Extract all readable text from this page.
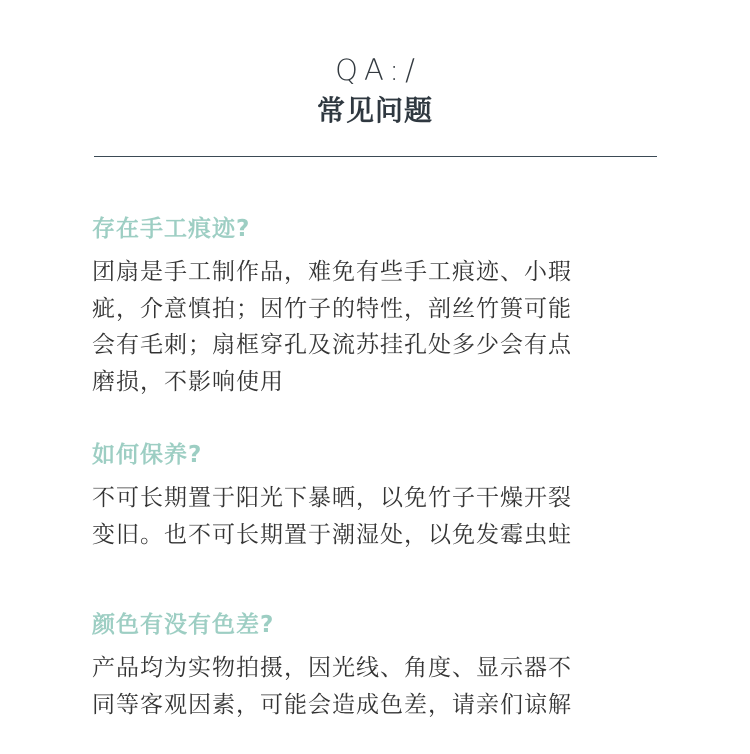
QA:/
常见问题
存在手工痕迹?
团扇是手工制作品，难免有些手工痕迹、小瑕
疵，介意慎拍；因竹子的特性，剖丝竹篑可能
会有毛刺；扇框穿孔及流苏挂孔处多少会有点
磨损，不影响使用
如何保养?
不可长期置于阳光下暴晒，以免竹子干燥开裂
变旧。也不可长期置于潮湿处，以免发霉虫蛀
颜色有没有色差?
产品均为实物拍摄，因光线、角度、显示器不
同等客观因素，可能会造成色差，请亲们谅解
